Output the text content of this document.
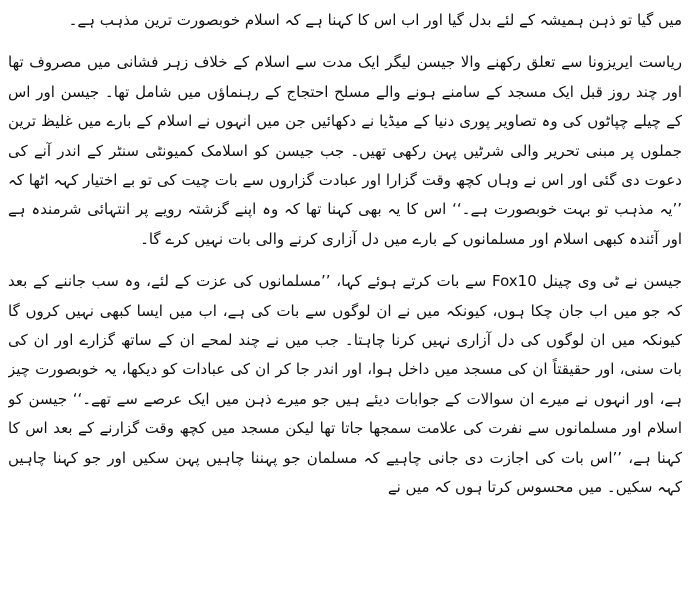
میں گیا تو ذہن ہمیشہ کے لئے بدل گیا اور اب اس کا کہنا ہے کہ اسلام خوبصورت ترین مذہب ہے۔

ریاست ایریزونا سے تعلق رکھنے والا جیسن لیگر ایک مدت سے اسلام کے خلاف زہر فشانی میں مصروف تھا اور چند روز قبل ایک مسجد کے سامنے ہونے والے مسلح احتجاج کے رہنماؤں میں شامل تھا۔ جیسن اور اس کے چیلے چپاٹوں کی وہ تصاویر پوری دنیا کے میڈیا نے دکھائیں جن میں انہوں نے اسلام کے بارے میں غلیظ ترین جملوں پر مبنی تحریر والی شرٹیں پہن رکھی تھیں۔ جب جیسن کو اسلامک کمیونٹی سنٹر کے اندر آنے کی دعوت دی گئی اور اس نے وہاں کچھ وقت گزارا اور عبادت گزاروں سے بات چیت کی تو بے اختیار کہہ اٹھا کہ ’’یہ مذہب تو بہت خوبصورت ہے۔‘‘ اس کا یہ بھی کہنا تھا کہ وہ اپنے گزشتہ رویے پر انتہائی شرمندہ ہے اور آئندہ کبھی اسلام اور مسلمانوں کے بارے میں دل آزاری کرنے والی بات نہیں کرے گا۔

جیسن نے ٹی وی چینل Fox10 سے بات کرتے ہوئے کہا، ’’مسلمانوں کی عزت کے لئے، وہ سب جاننے کے بعد کہ جو میں اب جان چکا ہوں، کیونکہ میں نے ان لوگوں سے بات کی ہے، اب میں ایسا کبھی نہیں کروں گا کیونکہ میں ان لوگوں کی دل آزاری نہیں کرنا چاہتا۔ جب میں نے چند لمحے ان کے ساتھ گزارے اور ان کی بات سنی، اور حقیقتاً ان کی مسجد میں داخل ہوا، اور اندر جا کر ان کی عبادات کو دیکھا، یہ خوبصورت چیز ہے، اور انہوں نے میرے ان سوالات کے جوابات دیئے ہیں جو میرے ذہن میں ایک عرصے سے تھے۔‘‘ جیسن کو اسلام اور مسلمانوں سے نفرت کی علامت سمجھا جاتا تھا لیکن مسجد میں کچھ وقت گزارنے کے بعد اس کا کہنا ہے، ’’اس بات کی اجازت دی جانی چاہیے کہ مسلمان جو پہننا چاہیں پہن سکیں اور جو کہنا چاہیں کہہ سکیں۔ میں محسوس کرتا ہوں کہ میں نے
